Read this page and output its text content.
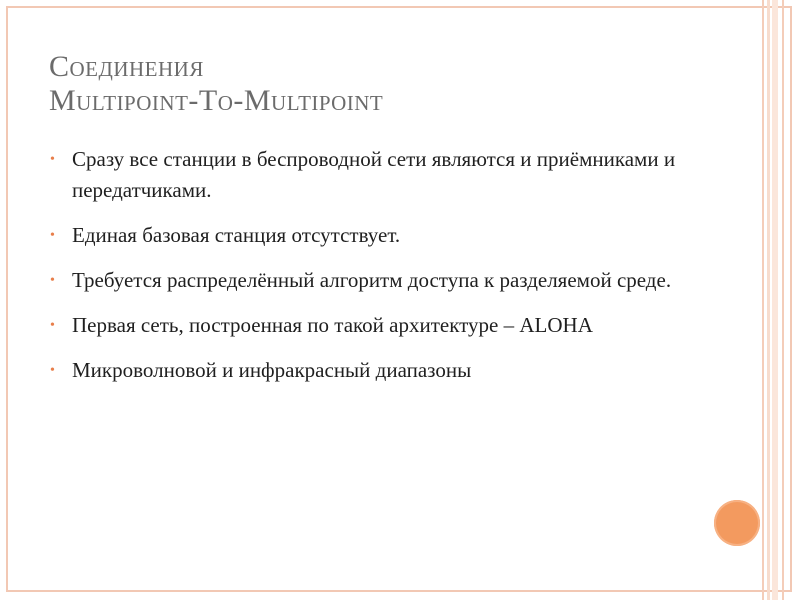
Соединения
Multipoint-To-Multipoint
• Сразу все станции в беспроводной сети являются и приёмниками и передатчиками.
• Единая базовая станция отсутствует.
• Требуется распределённый алгоритм доступа к разделяемой среде.
• Первая сеть, построенная по такой архитектуре – ALOHA
• Микроволновой и инфракрасный диапазоны
